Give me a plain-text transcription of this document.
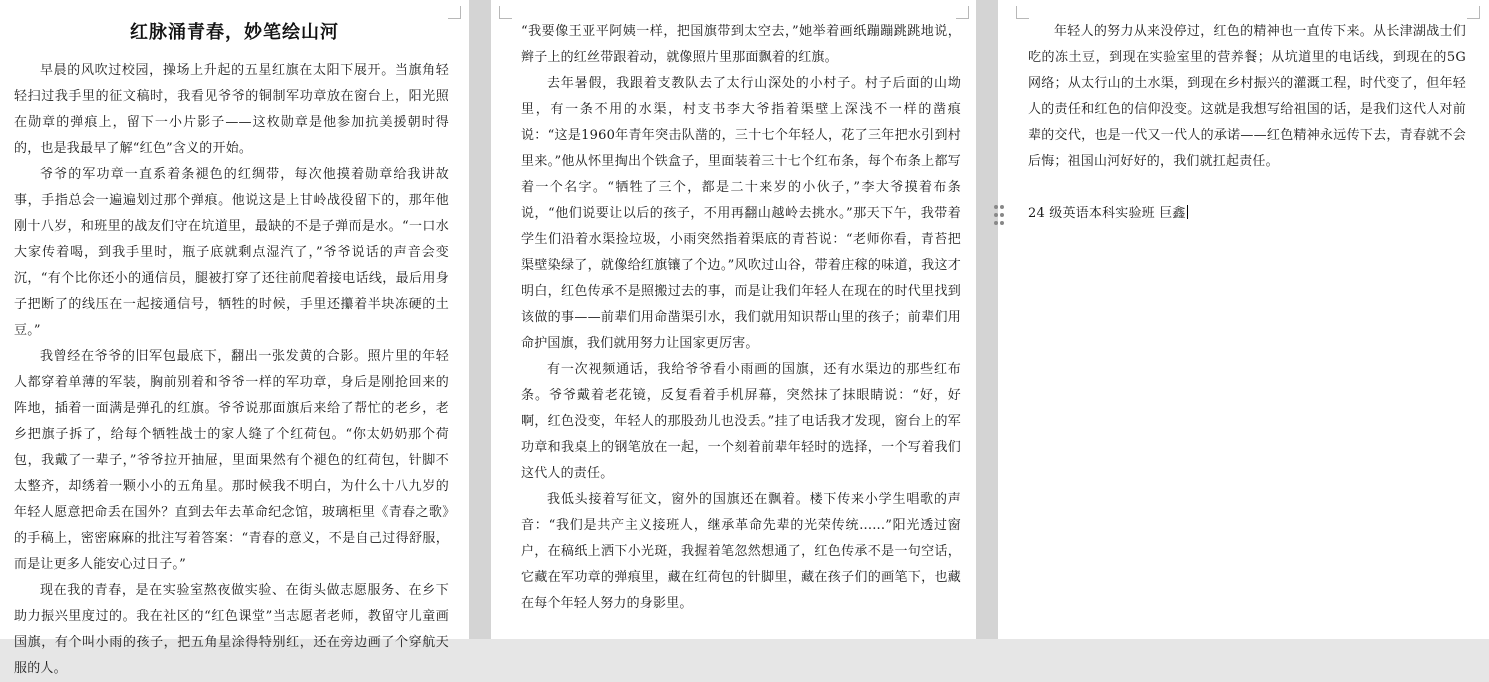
红脉涌青春，妙笔绘山河

早晨的风吹过校园，操场上升起的五星红旗在太阳下展开。当旗角轻轻扫过我手里的征文稿时，我看见爷爷的铜制军功章放在窗台上，阳光照在勋章的弹痕上，留下一小片影子——这枚勋章是他参加抗美援朝时得的，也是我最早了解“红色”含义的开始。

爷爷的军功章一直系着条褪色的红绸带，每次他摸着勋章给我讲故事，手指总会一遍遍划过那个弹痕。他说这是上甘岭战役留下的，那年他刚十八岁，和班里的战友们守在坑道里，最缺的不是子弹而是水。“一口水大家传着喝，到我手里时，瓶子底就剩点湿汽了，”爷爷说话的声音会变沉，“有个比你还小的通信员，腿被打穿了还往前爬着接电话线，最后用身子把断了的线压在一起接通信号，牺牲的时候，手里还攥着半块冻硬的土豆。”

我曾经在爷爷的旧军包最底下，翻出一张发黄的合影。照片里的年轻人都穿着单薄的军装，胸前别着和爷爷一样的军功章，身后是刚抢回来的阵地，插着一面满是弹孔的红旗。爷爷说那面旗后来给了帮忙的老乡，老乡把旗子拆了，给每个牺牲战士的家人缝了个红荷包。“你太奶奶那个荷包，我戴了一辈子，”爷爷拉开抽屉，里面果然有个褪色的红荷包，针脚不太整齐，却绣着一颗小小的五角星。那时候我不明白，为什么十八九岁的年轻人愿意把命丢在国外？直到去年去革命纪念馆，玻璃柜里《青春之歌》的手稿上，密密麻麻的批注写着答案：“青春的意义，不是自己过得舒服，而是让更多人能安心过日子。”

现在我的青春，是在实验室熬夜做实验、在街头做志愿服务、在乡下助力振兴里度过的。我在社区的“红色课堂”当志愿者老师，教留守儿童画国旗，有个叫小雨的孩子，把五角星涂得特别红，还在旁边画了个穿航天服的人。

“我要像王亚平阿姨一样，把国旗带到太空去，”她举着画纸蹦蹦跳跳地说，辫子上的红丝带跟着动，就像照片里那面飘着的红旗。

去年暑假，我跟着支教队去了太行山深处的小村子。村子后面的山坳里，有一条不用的水渠，村支书李大爷指着渠壁上深浅不一样的凿痕说：“这是1960年青年突击队凿的，三十七个年轻人，花了三年把水引到村里来。”他从怀里掏出个铁盒子，里面装着三十七个红布条，每个布条上都写着一个名字。“牺牲了三个，都是二十来岁的小伙子，”李大爷摸着布条说，“他们说要让以后的孩子，不用再翻山越岭去挑水。”那天下午，我带着学生们沿着水渠捡垃圾，小雨突然指着渠底的青苔说：“老师你看，青苔把渠壁染绿了，就像给红旗镶了个边。”风吹过山谷，带着庄稼的味道，我这才明白，红色传承不是照搬过去的事，而是让我们年轻人在现在的时代里找到该做的事——前辈们用命凿渠引水，我们就用知识帮山里的孩子；前辈们用命护国旗，我们就用努力让国家更厉害。

有一次视频通话，我给爷爷看小雨画的国旗，还有水渠边的那些红布条。爷爷戴着老花镜，反复看着手机屏幕，突然抹了抹眼睛说：“好，好啊，红色没变，年轻人的那股劲儿也没丢。”挂了电话我才发现，窗台上的军功章和我桌上的钢笔放在一起，一个刻着前辈年轻时的选择，一个写着我们这代人的责任。

我低头接着写征文，窗外的国旗还在飘着。楼下传来小学生唱歌的声音：“我们是共产主义接班人，继承革命先辈的光荣传统......”阳光透过窗户，在稿纸上洒下小光斑，我握着笔忽然想通了，红色传承不是一句空话，它藏在军功章的弹痕里，藏在红荷包的针脚里，藏在孩子们的画笔下，也藏在每个年轻人努力的身影里。

年轻人的努力从来没停过，红色的精神也一直传下来。从长津湖战士们吃的冻土豆，到现在实验室里的营养餐；从坑道里的电话线，到现在的5G网络；从太行山的土水渠，到现在乡村振兴的灌溉工程，时代变了，但年轻人的责任和红色的信仰没变。这就是我想写给祖国的话，是我们这代人对前辈的交代，也是一代又一代人的承诺——红色精神永远传下去，青春就不会后悔；祖国山河好好的，我们就扛起责任。

24 级英语本科实验班 巨鑫
